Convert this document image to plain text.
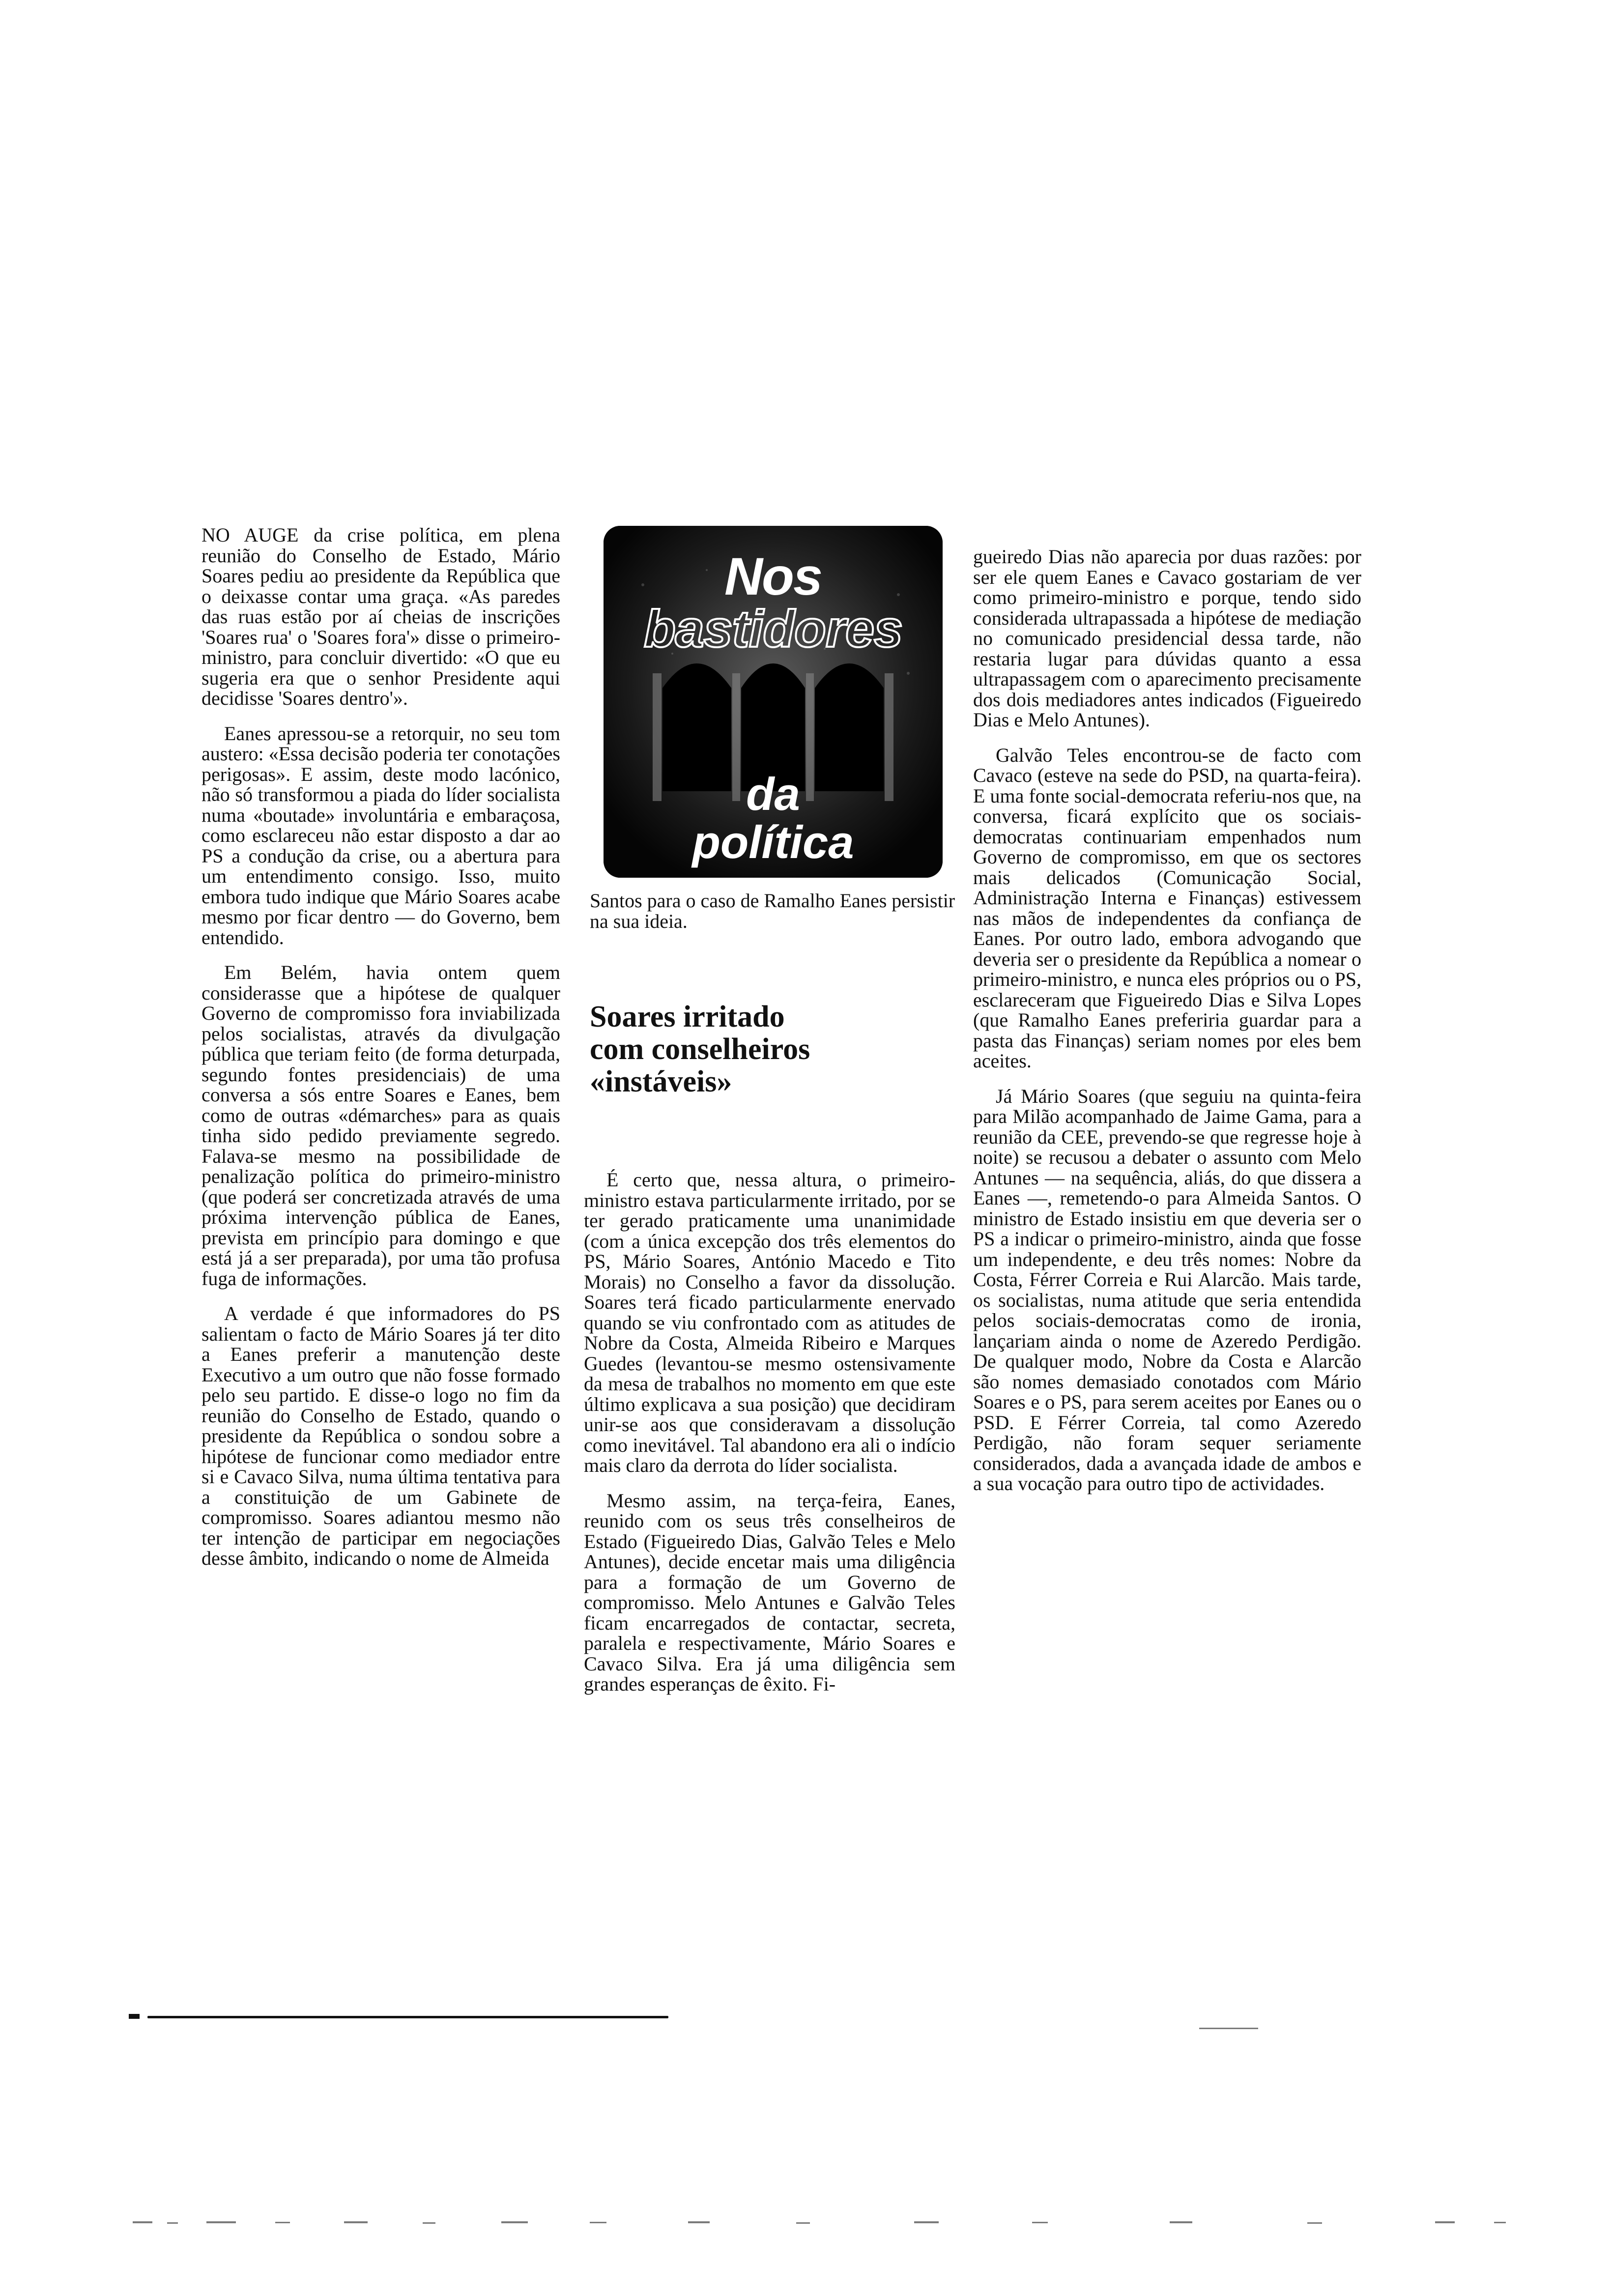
NO AUGE da crise política, em plena reunião do Conselho de Estado, Mário Soares pediu ao presidente da República que o deixasse contar uma graça. «As paredes das ruas estão por aí cheias de inscrições 'Soares rua' o 'Soares fora'» disse o primeiro-ministro, para concluir divertido: «O que eu sugeria era que o senhor Presidente aqui decidisse 'Soares dentro'».

Eanes apressou-se a retorquir, no seu tom austero: «Essa decisão poderia ter conotações perigosas». E assim, deste modo lacónico, não só transformou a piada do líder socialista numa «boutade» involuntária e embaraçosa, como esclareceu não estar disposto a dar ao PS a condução da crise, ou a abertura para um entendimento consigo. Isso, muito embora tudo indique que Mário Soares acabe mesmo por ficar dentro — do Governo, bem entendido.

Em Belém, havia ontem quem considerasse que a hipótese de qualquer Governo de compromisso fora inviabilizada pelos socialistas, através da divulgação pública que teriam feito (de forma deturpada, segundo fontes presidenciais) de uma conversa a sós entre Soares e Eanes, bem como de outras «démarches» para as quais tinha sido pedido previamente segredo. Falava-se mesmo na possibilidade de penalização política do primeiro-ministro (que poderá ser concretizada através de uma próxima intervenção pública de Eanes, prevista em princípio para domingo e que está já a ser preparada), por uma tão profusa fuga de informações.

A verdade é que informadores do PS salientam o facto de Mário Soares já ter dito a Eanes preferir a manutenção deste Executivo a um outro que não fosse formado pelo seu partido. E disse-o logo no fim da reunião do Conselho de Estado, quando o presidente da República o sondou sobre a hipótese de funcionar como mediador entre si e Cavaco Silva, numa última tentativa para a constituição de um Gabinete de compromisso. Soares adiantou mesmo não ter intenção de participar em negociações desse âmbito, indicando o nome de Almeida

Nos
bastidores
da
política
Santos para o caso de Ramalho Eanes persistir na sua ideia.
Soares irritado
com conselheiros
«instáveis»

É certo que, nessa altura, o primeiro-ministro estava particularmente irritado, por se ter gerado praticamente uma unanimidade (com a única excepção dos três elementos do PS, Mário Soares, António Macedo e Tito Morais) no Conselho a favor da dissolução. Soares terá ficado particularmente enervado quando se viu confrontado com as atitudes de Nobre da Costa, Almeida Ribeiro e Marques Guedes (levantou-se mesmo ostensivamente da mesa de trabalhos no momento em que este último explicava a sua posição) que decidiram unir-se aos que consideravam a dissolução como inevitável. Tal abandono era ali o indício mais claro da derrota do líder socialista.

Mesmo assim, na terça-feira, Eanes, reunido com os seus três conselheiros de Estado (Figueiredo Dias, Galvão Teles e Melo Antunes), decide encetar mais uma diligência para a formação de um Governo de compromisso. Melo Antunes e Galvão Teles ficam encarregados de contactar, secreta, paralela e respectivamente, Mário Soares e Cavaco Silva. Era já uma diligência sem grandes esperanças de êxito. Fi-

gueiredo Dias não aparecia por duas razões: por ser ele quem Eanes e Cavaco gostariam de ver como primeiro-ministro e porque, tendo sido considerada ultrapassada a hipótese de mediação no comunicado presidencial dessa tarde, não restaria lugar para dúvidas quanto a essa ultrapassagem com o aparecimento precisamente dos dois mediadores antes indicados (Figueiredo Dias e Melo Antunes).

Galvão Teles encontrou-se de facto com Cavaco (esteve na sede do PSD, na quarta-feira). E uma fonte social-democrata referiu-nos que, na conversa, ficará explícito que os sociais-democratas continuariam empenhados num Governo de compromisso, em que os sectores mais delicados (Comunicação Social, Administração Interna e Finanças) estivessem nas mãos de independentes da confiança de Eanes. Por outro lado, embora advogando que deveria ser o presidente da República a nomear o primeiro-ministro, e nunca eles próprios ou o PS, esclareceram que Figueiredo Dias e Silva Lopes (que Ramalho Eanes preferiria guardar para a pasta das Finanças) seriam nomes por eles bem aceites.

Já Mário Soares (que seguiu na quinta-feira para Milão acompanhado de Jaime Gama, para a reunião da CEE, prevendo-se que regresse hoje à noite) se recusou a debater o assunto com Melo Antunes — na sequência, aliás, do que dissera a Eanes —, remetendo-o para Almeida Santos. O ministro de Estado insistiu em que deveria ser o PS a indicar o primeiro-ministro, ainda que fosse um independente, e deu três nomes: Nobre da Costa, Férrer Correia e Rui Alarcão. Mais tarde, os socialistas, numa atitude que seria entendida pelos sociais-democratas como de ironia, lançariam ainda o nome de Azeredo Perdigão. De qualquer modo, Nobre da Costa e Alarcão são nomes demasiado conotados com Mário Soares e o PS, para serem aceites por Eanes ou o PSD. E Férrer Correia, tal como Azeredo Perdigão, não foram sequer seriamente considerados, dada a avançada idade de ambos e a sua vocação para outro tipo de actividades.
